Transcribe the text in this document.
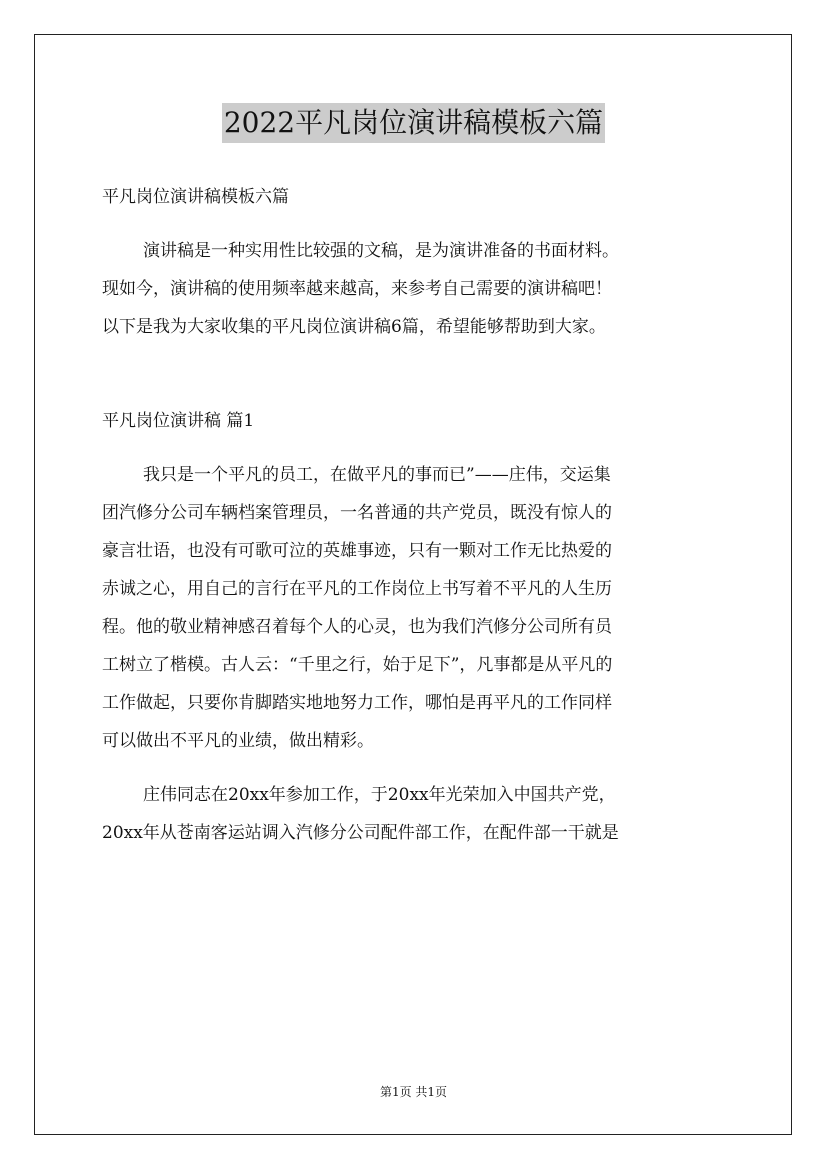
2022平凡岗位演讲稿模板六篇
平凡岗位演讲稿模板六篇
演讲稿是一种实用性比较强的文稿，是为演讲准备的书面材料。
现如今，演讲稿的使用频率越来越高，来参考自己需要的演讲稿吧！
以下是我为大家收集的平凡岗位演讲稿6篇，希望能够帮助到大家。
平凡岗位演讲稿 篇1
我只是一个平凡的员工，在做平凡的事而已”——庄伟，交运集
团汽修分公司车辆档案管理员，一名普通的共产党员，既没有惊人的
豪言壮语，也没有可歌可泣的英雄事迹，只有一颗对工作无比热爱的
赤诚之心，用自己的言行在平凡的工作岗位上书写着不平凡的人生历
程。他的敬业精神感召着每个人的心灵，也为我们汽修分公司所有员
工树立了楷模。古人云：“千里之行，始于足下”，凡事都是从平凡的
工作做起，只要你肯脚踏实地地努力工作，哪怕是再平凡的工作同样
可以做出不平凡的业绩，做出精彩。
庄伟同志在20xx年参加工作，于20xx年光荣加入中国共产党，
20xx年从苍南客运站调入汽修分公司配件部工作，在配件部一干就是
第1页 共1页
